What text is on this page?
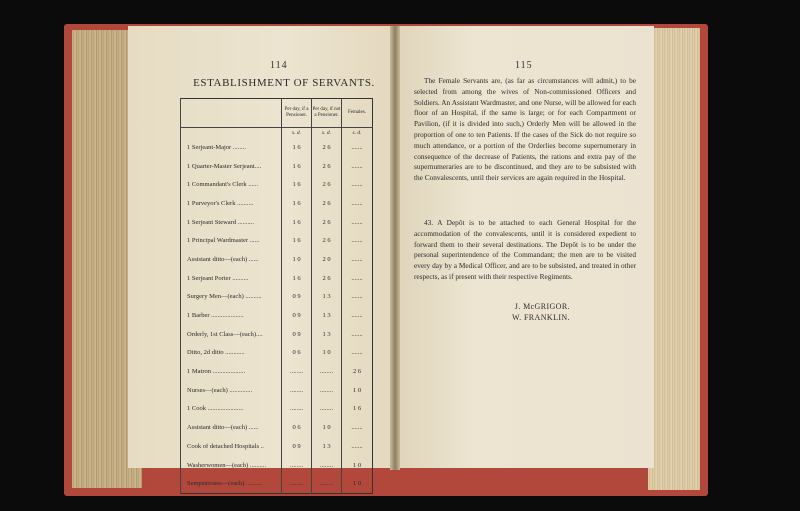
114
ESTABLISHMENT OF SERVANTS.
	Per day, if a Pensioner.	Per day, if not a Pensioner.	Females.
	s. d.	s. d.	s. d.
1 Serjeant-Major ........	1 6	2 6	.......
1 Quarter-Master Serjeant....	1 6	2 6	.......
1 Commandant's Clerk ......	1 6	2 6	.......
1 Purveyor's Clerk ..........	1 6	2 6	.......
1 Serjeant Steward ..........	1 6	2 6	.......
1 Principal Wardmaster ......	1 6	2 6	.......
Assistant ditto—(each) ......	1 0	2 0	.......
1 Serjeant Porter ..........	1 6	2 6	.......
Surgery Men—(each) ..........	0 9	1 3	.......
1 Barber ....................	0 9	1 3	.......
Orderly, 1st Class—(each)....	0 9	1 3	.......
Ditto, 2d ditto ............	0 6	1 0	.......
1 Matron ....................	........	........	2 6
Nurses—(each) ..............	........	........	1 0
1 Cook ......................	........	........	1 6
Assistant ditto—(each) ......	0 6	1 0	.......
Cook of detached Hospitals ..	0 9	1 3	.......
Washerwomen—(each) ..........	........	........	1 0
Sempstresses—(each) ..........	........	........	1 0
115
The Female Servants are, (as far as circumstances will admit,) to be selected from among the wives of Non-commissioned Officers and Soldiers. An Assistant Wardmaster, and one Nurse, will be allowed for each floor of an Hospital, if the same is large; or for each Compartment or Pavilion, (if it is divided into such,) Orderly Men will be allowed in the proportion of one to ten Patients. If the cases of the Sick do not require so much attendance, or a portion of the Orderlies become supernumerary in consequence of the decrease of Patients, the rations and extra pay of the supernumeraries are to be discontinued, and they are to be subsisted with the Convalescents, until their services are again required in the Hospital.
43. A Depôt is to be attached to each General Hospital for the accommodation of the convalescents, until it is considered expedient to forward them to their several destinations. The Depôt is to be under the personal superintendence of the Commandant; the men are to be visited every day by a Medical Officer, and are to be subsisted, and treated in other respects, as if present with their respective Regiments.
J. McGRIGOR.
W. FRANKLIN.
